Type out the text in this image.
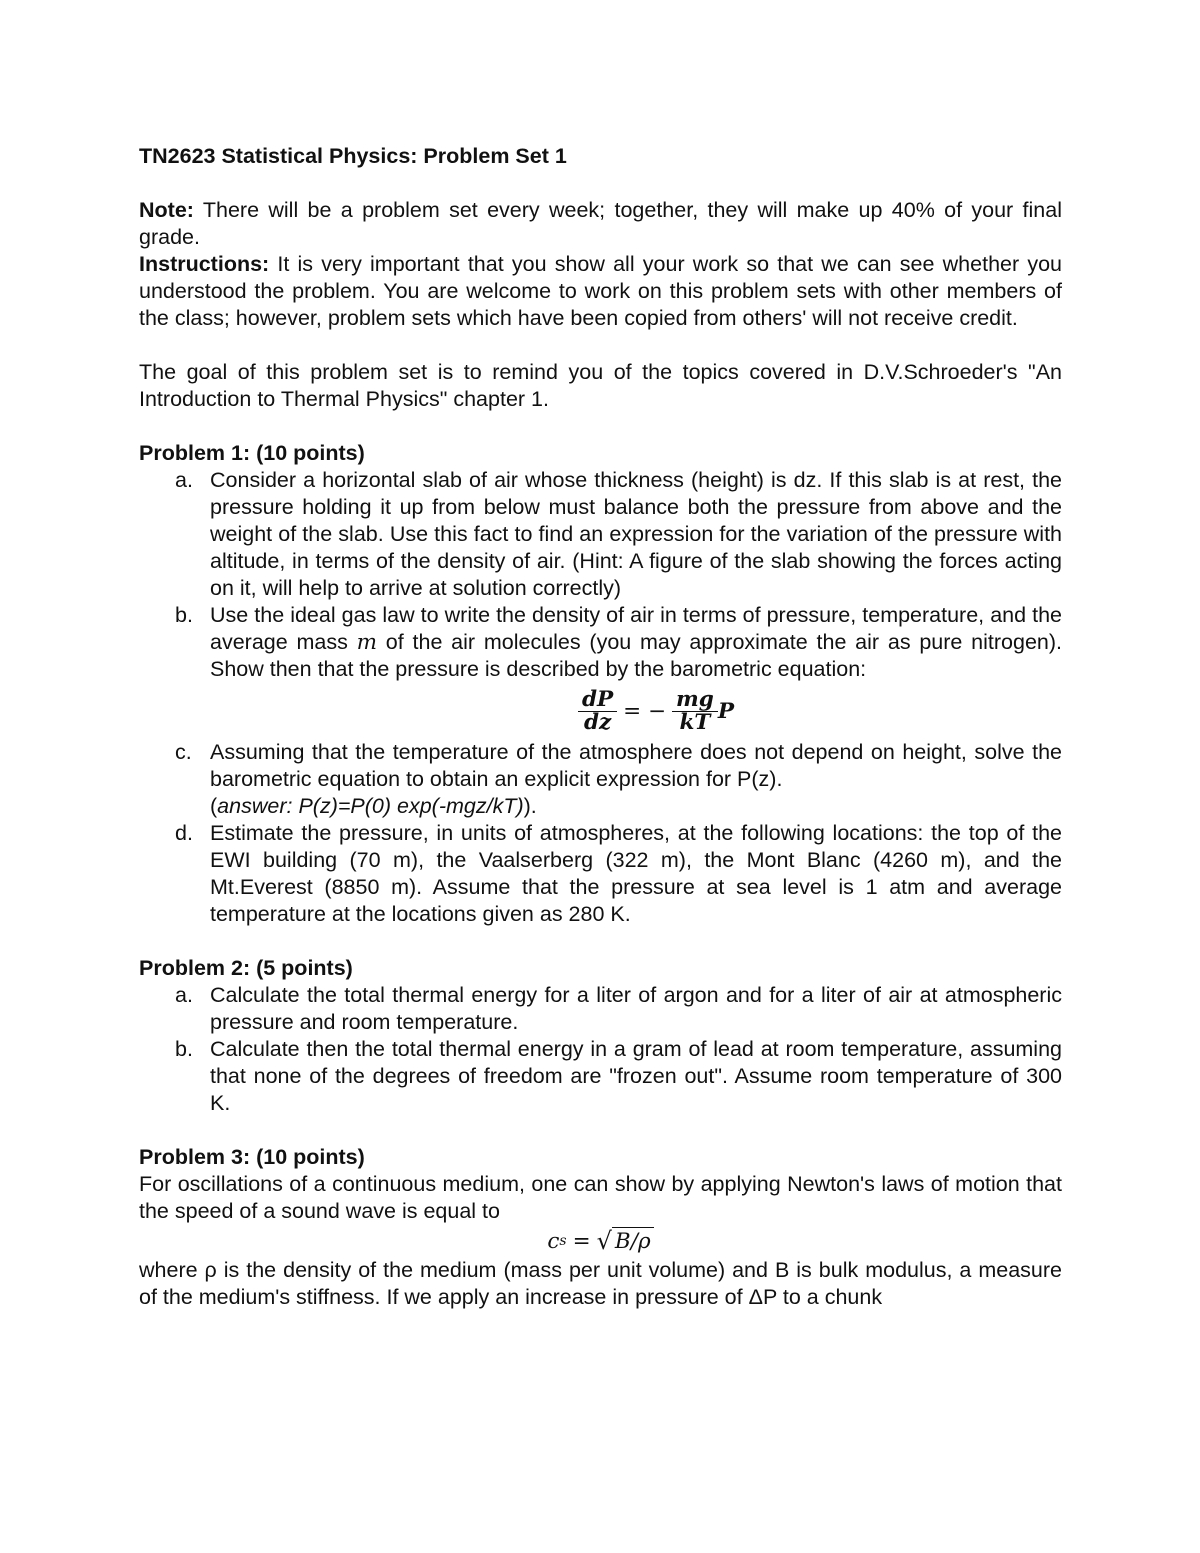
TN2623 Statistical Physics: Problem Set 1

Note: There will be a problem set every week; together, they will make up 40% of your final grade.

Instructions: It is very important that you show all your work so that we can see whether you understood the problem. You are welcome to work on this problem sets with other members of the class; however, problem sets which have been copied from others' will not receive credit.

The goal of this problem set is to remind you of the topics covered in D.V.Schroeder's "An Introduction to Thermal Physics" chapter 1.

Problem 1: (10 points)

a. Consider a horizontal slab of air whose thickness (height) is dz. If this slab is at rest, the pressure holding it up from below must balance both the pressure from above and the weight of the slab. Use this fact to find an expression for the variation of the pressure with altitude, in terms of the density of air. (Hint: A figure of the slab showing the forces acting on it, will help to arrive at solution correctly)
b. Use the ideal gas law to write the density of air in terms of pressure, temperature, and the average mass m of the air molecules (you may approximate the air as pure nitrogen). Show then that the pressure is described by the barometric equation:
$\frac{dP}{dz}$ = − $\frac{mg}{kT}$ P
c. Assuming that the temperature of the atmosphere does not depend on height, solve the barometric equation to obtain an explicit expression for P(z).
(answer: P(z)=P(0) exp(-mgz/kT)).
d. Estimate the pressure, in units of atmospheres, at the following locations: the top of the EWI building (70 m), the Vaalserberg (322 m), the Mont Blanc (4260 m), and the Mt.Everest (8850 m). Assume that the pressure at sea level is 1 atm and average temperature at the locations given as 280 K.

Problem 2: (5 points)

a. Calculate the total thermal energy for a liter of argon and for a liter of air at atmospheric pressure and room temperature.
b. Calculate then the total thermal energy in a gram of lead at room temperature, assuming that none of the degrees of freedom are "frozen out". Assume room temperature of 300 K.

Problem 3: (10 points)

For oscillations of a continuous medium, one can show by applying Newton's laws of motion that the speed of a sound wave is equal to

c s = √ B/ρ

where ρ is the density of the medium (mass per unit volume) and B is bulk modulus, a measure of the medium's stiffness. If we apply an increase in pressure of ΔP to a chunk
